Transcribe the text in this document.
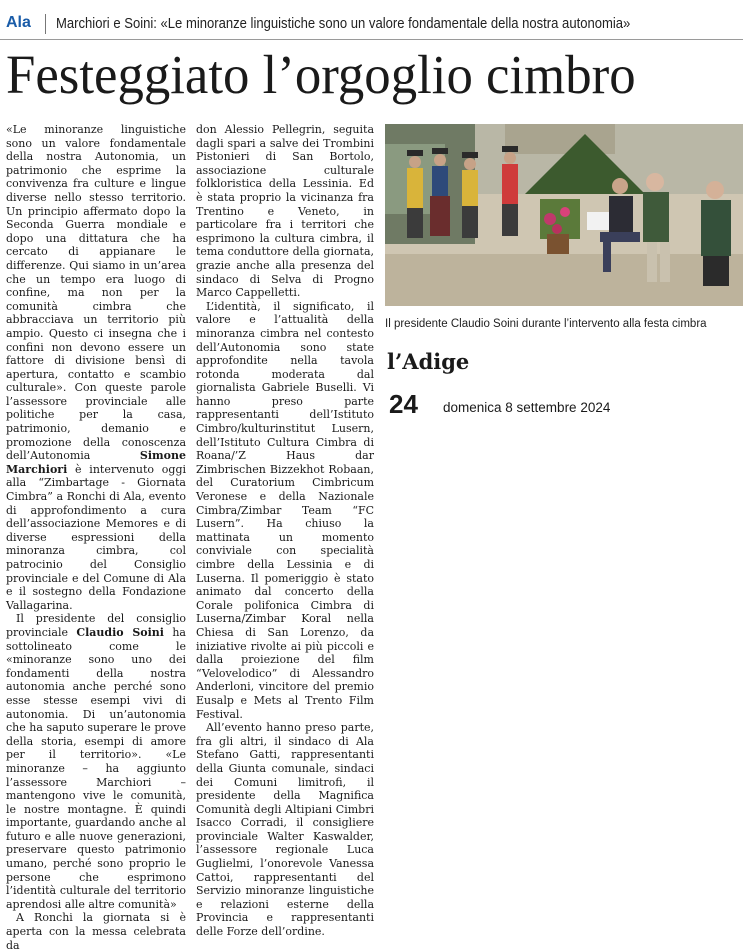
Ala Marchiori e Soini: «Le minoranze linguistiche sono un valore fondamentale della nostra autonomia»
Festeggiato l’orgoglio cimbro

«Le minoranze linguistiche sono un valore fondamentale della nostra Autonomia, un patrimonio che esprime la convivenza fra culture e lingue diverse nello stesso territorio. Un principio affermato dopo la Seconda Guerra mondiale e dopo una dittatura che ha cercato di appianare le differenze. Qui siamo in un’area che un tempo era luogo di confine, ma non per la comunità cimbra che abbracciava un territorio più ampio. Questo ci insegna che i confini non devono essere un fattore di divisione bensì di apertura, contatto e scambio culturale». Con queste parole l’assessore provinciale alle politiche per la casa, patrimonio, demanio e promozione della conoscenza dell’Autonomia Simone Marchiori è intervenuto oggi alla “Zimbartage - Giornata Cimbra” a Ronchi di Ala, evento di approfondimento a cura dell’associazione Memores e di diverse espressioni della minoranza cimbra, col patrocinio del Consiglio provinciale e del Comune di Ala e il sostegno della Fondazione Vallagarina.

Il presidente del consiglio provinciale Claudio Soini ha sottolineato come le «minoranze sono uno dei fondamenti della nostra autonomia anche perché sono esse stesse esempi vivi di autonomia. Di un’autonomia che ha saputo superare le prove della storia, esempi di amore per il territorio». «Le minoranze – ha aggiunto l’assessore Marchiori – mantengono vive le comunità, le nostre montagne. È quindi importante, guardando anche al futuro e alle nuove generazioni, preservare questo patrimonio umano, perché sono proprio le persone che esprimono l’identità culturale del territorio aprendosi alle altre comunità»

A Ronchi la giornata si è aperta con la messa celebrata da

don Alessio Pellegrin, seguita dagli spari a salve dei Trombini Pistonieri di San Bortolo, associazione culturale folkloristica della Lessinia. Ed è stata proprio la vicinanza fra Trentino e Veneto, in particolare fra i territori che esprimono la cultura cimbra, il tema conduttore della giornata, grazie anche alla presenza del sindaco di Selva di Progno Marco Cappelletti.

L’identità, il significato, il valore e l’attualità della minoranza cimbra nel contesto dell’Autonomia sono state approfondite nella tavola rotonda moderata dal giornalista Gabriele Buselli. Vi hanno preso parte rappresentanti dell’Istituto Cimbro/kulturinstitut Lusern, dell’Istituto Cultura Cimbra di Roana/’Z Haus dar Zimbrischen Bizzekhot Robaan, del Curatorium Cimbricum Veronese e della Nazionale Cimbra/Zimbar Team “FC Lusern”. Ha chiuso la mattinata un momento conviviale con specialità cimbre della Lessinia e di Luserna. Il pomeriggio è stato animato dal concerto della Corale polifonica Cimbra di Luserna/Zimbar Koral nella Chiesa di San Lorenzo, da iniziative rivolte ai più piccoli e dalla proiezione del film “Velovelodico” di Alessandro Anderloni, vincitore del premio Eusalp e Mets al Trento Film Festival.

All’evento hanno preso parte, fra gli altri, il sindaco di Ala Stefano Gatti, rappresentanti della Giunta comunale, sindaci dei Comuni limitrofi, il presidente della Magnifica Comunità degli Altipiani Cimbri Isacco Corradi, il consigliere provinciale Walter Kaswalder, l’assessore regionale Luca Guglielmi, l’onorevole Vanessa Cattoi, rappresentanti del Servizio minoranze linguistiche e relazioni esterne della Provincia e rappresentanti delle Forze dell’ordine.

Il presidente Claudio Soini durante l’intervento alla festa cimbra
l’Adige
24 domenica 8 settembre 2024
